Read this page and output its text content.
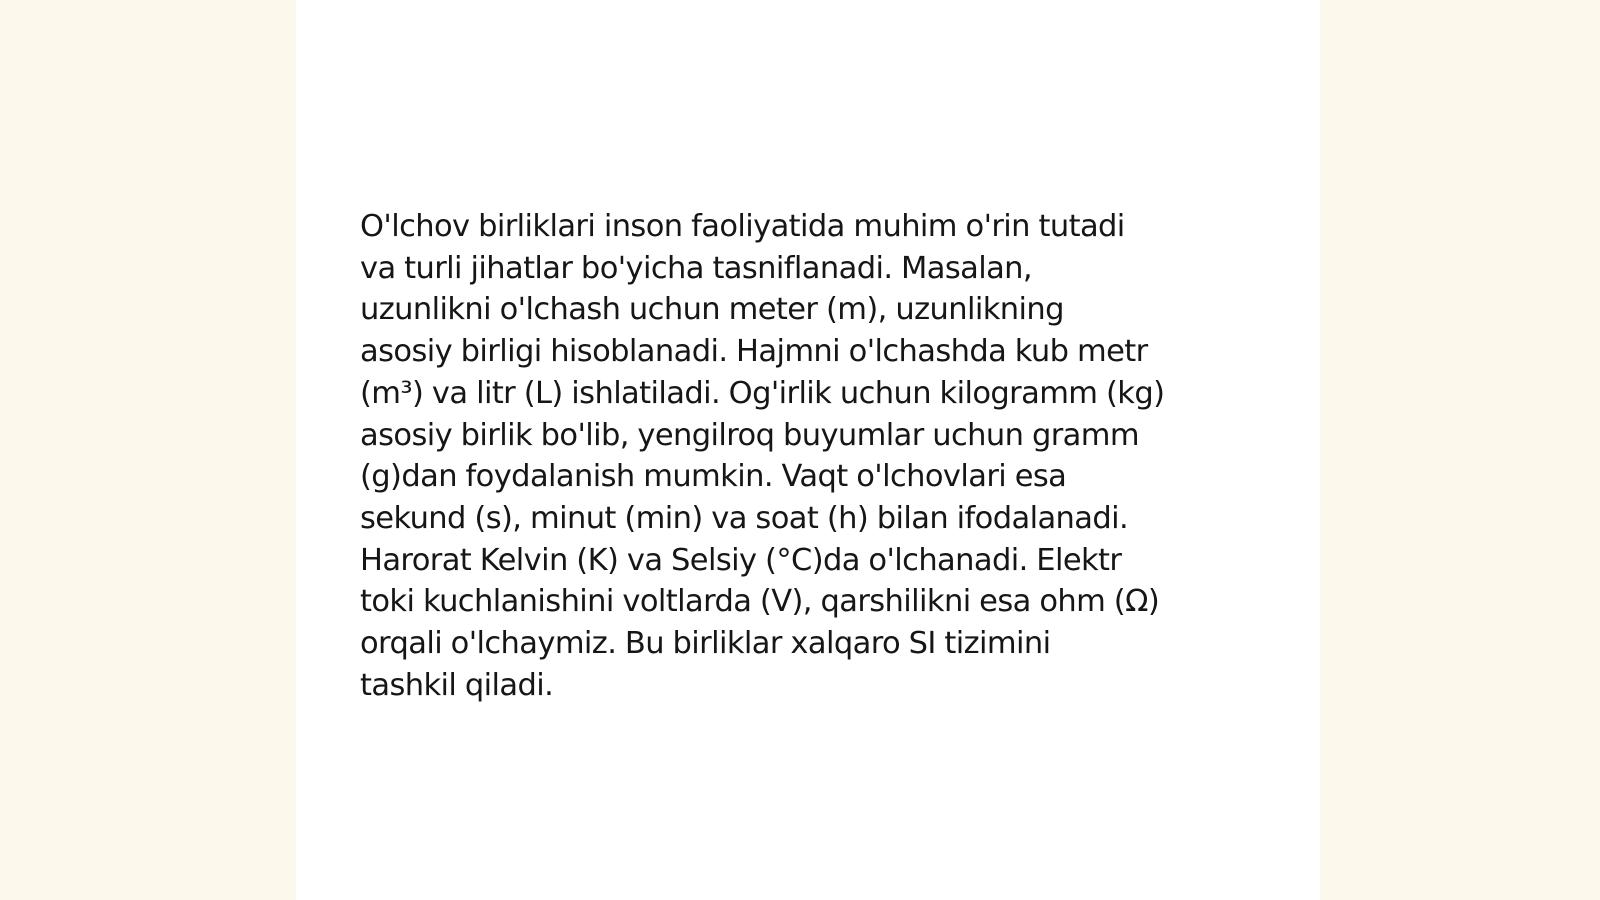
O'lchov birliklari inson faoliyatida muhim o'rin tutadi
va turli jihatlar bo'yicha tasniflanadi. Masalan,
uzunlikni o'lchash uchun meter (m), uzunlikning
asosiy birligi hisoblanadi. Hajmni o'lchashda kub metr
(m³) va litr (L) ishlatiladi. Og'irlik uchun kilogramm (kg)
asosiy birlik bo'lib, yengilroq buyumlar uchun gramm
(g)dan foydalanish mumkin. Vaqt o'lchovlari esa
sekund (s), minut (min) va soat (h) bilan ifodalanadi.
Harorat Kelvin (K) va Selsiy (°C)da o'lchanadi. Elektr
toki kuchlanishini voltlarda (V), qarshilikni esa ohm (Ω)
orqali o'lchaymiz. Bu birliklar xalqaro SI tizimini
tashkil qiladi.
